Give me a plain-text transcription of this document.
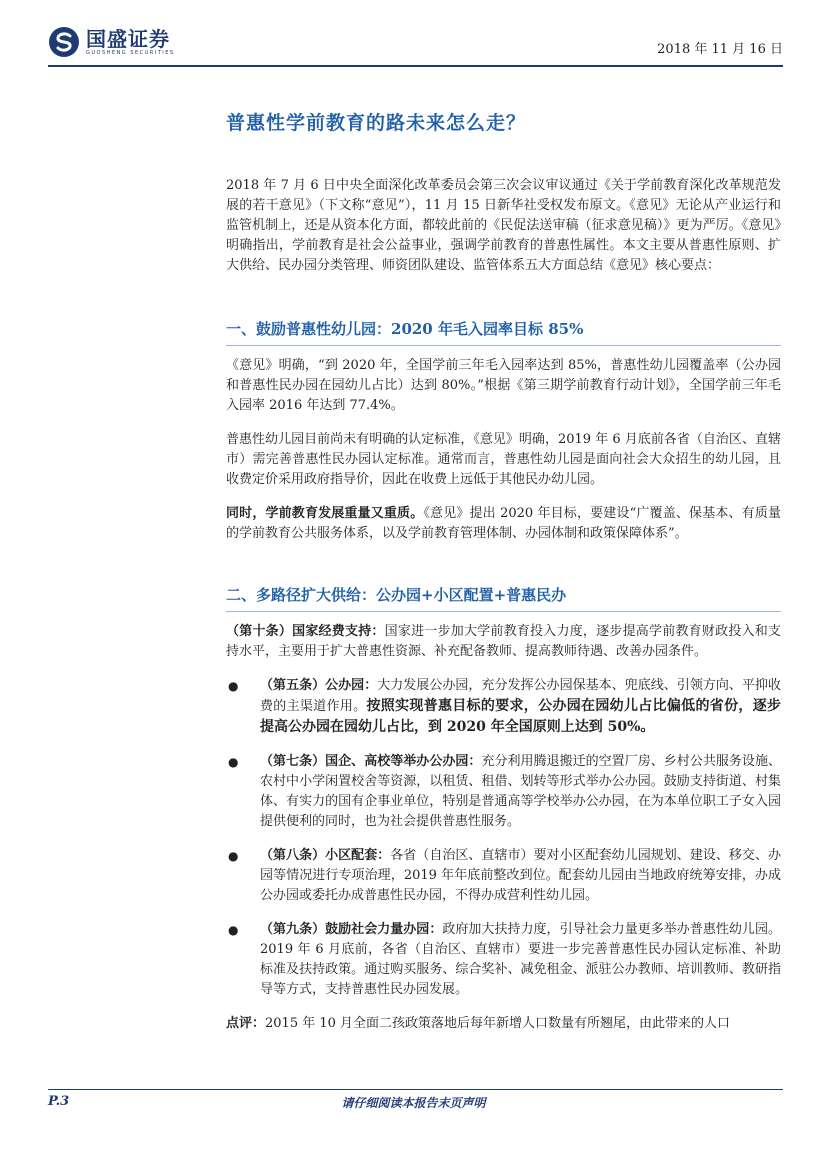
国盛证券
GUOSHENG SECURITIES	2018 年 11 月 16 日
普惠性学前教育的路未来怎么走？

2018 年 7 月 6 日中央全面深化改革委员会第三次会议审议通过《关于学前教育深化改革规范发展的若干意见》（下文称“意见”），11 月 15 日新华社受权发布原文。《意见》无论从产业运行和监管机制上，还是从资本化方面，都较此前的《民促法送审稿（征求意见稿）》更为严厉。《意见》明确指出，学前教育是社会公益事业，强调学前教育的普惠性属性。本文主要从普惠性原则、扩大供给、民办园分类管理、师资团队建设、监管体系五大方面总结《意见》核心要点：

一、鼓励普惠性幼儿园：2020 年毛入园率目标 85%

《意见》明确，“到 2020 年，全国学前三年毛入园率达到 85%，普惠性幼儿园覆盖率（公办园和普惠性民办园在园幼儿占比）达到 80%。”根据《第三期学前教育行动计划》，全国学前三年毛入园率 2016 年达到 77.4%。

普惠性幼儿园目前尚未有明确的认定标准，《意见》明确，2019 年 6 月底前各省（自治区、直辖市）需完善普惠性民办园认定标准。通常而言，普惠性幼儿园是面向社会大众招生的幼儿园，且收费定价采用政府指导价，因此在收费上远低于其他民办幼儿园。

同时，学前教育发展重量又重质。《意见》提出 2020 年目标，要建设“广覆盖、保基本、有质量的学前教育公共服务体系，以及学前教育管理体制、办园体制和政策保障体系”。

二、多路径扩大供给：公办园+小区配置+普惠民办

（第十条）国家经费支持：国家进一步加大学前教育投入力度，逐步提高学前教育财政投入和支持水平，主要用于扩大普惠性资源、补充配备教师、提高教师待遇、改善办园条件。

●	（第五条）公办园：大力发展公办园，充分发挥公办园保基本、兜底线、引领方向、平抑收费的主渠道作用。按照实现普惠目标的要求，公办园在园幼儿占比偏低的省份，逐步提高公办园在园幼儿占比，到 2020 年全国原则上达到 50%。
●	（第七条）国企、高校等举办公办园：充分利用腾退搬迁的空置厂房、乡村公共服务设施、农村中小学闲置校舍等资源，以租赁、租借、划转等形式举办公办园。鼓励支持街道、村集体、有实力的国有企事业单位，特别是普通高等学校举办公办园，在为本单位职工子女入园提供便利的同时，也为社会提供普惠性服务。
●	（第八条）小区配套：各省（自治区、直辖市）要对小区配套幼儿园规划、建设、移交、办园等情况进行专项治理，2019 年年底前整改到位。配套幼儿园由当地政府统筹安排，办成公办园或委托办成普惠性民办园，不得办成营利性幼儿园。
●	（第九条）鼓励社会力量办园：政府加大扶持力度，引导社会力量更多举办普惠性幼儿园。2019 年 6 月底前，各省（自治区、直辖市）要进一步完善普惠性民办园认定标准、补助标准及扶持政策。通过购买服务、综合奖补、减免租金、派驻公办教师、培训教师、教研指导等方式，支持普惠性民办园发展。

点评：2015 年 10 月全面二孩政策落地后每年新增人口数量有所翘尾，由此带来的人口

P.3	请仔细阅读本报告末页声明
